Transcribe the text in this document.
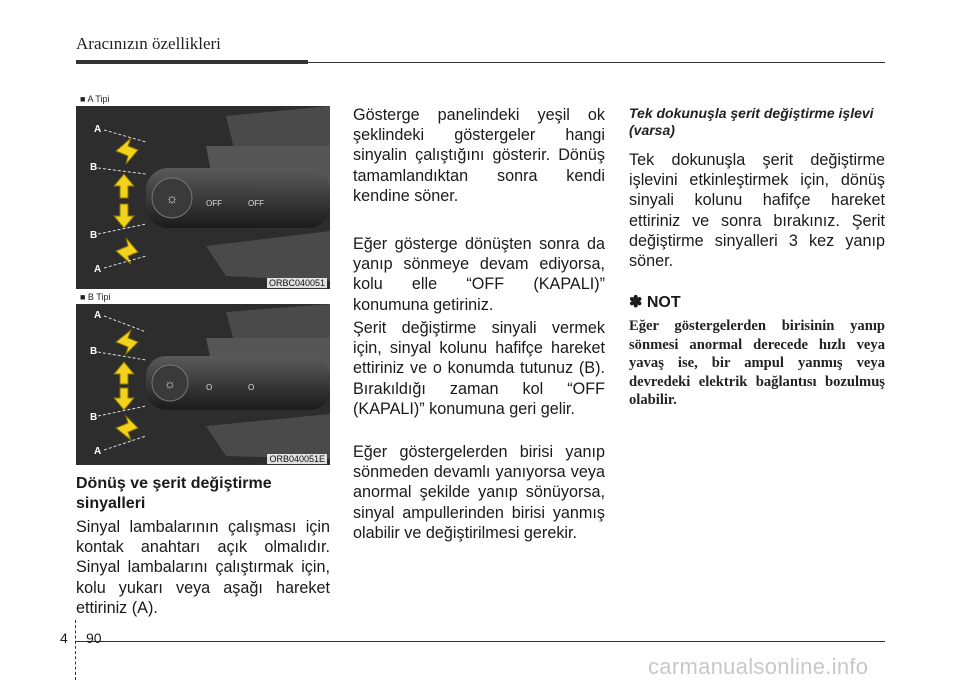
Aracınızın özellikleri
■ A Tipi
☼	OFF	OFF
A
B
B
A
ORBC040051
■ B Tipi
☼	O	O
A
B
B
A
ORB040051E
Dönüş ve şerit değiştirme sinyalleri

Sinyal lambalarının çalışması için kontak anahtarı açık olmalıdır. Sinyal lambalarını çalıştırmak için, kolu yukarı veya aşağı hareket ettiriniz (A).

Gösterge panelindeki yeşil ok şeklindeki göstergeler hangi sinyalin çalıştığını gösterir. Dönüş tamamlandıktan sonra kendi kendine söner.

Eğer gösterge dönüşten sonra da yanıp sönmeye devam ediyorsa, kolu elle “OFF (KAPALI)” konumuna getiriniz.

Şerit değiştirme sinyali vermek için, sinyal kolunu hafifçe hareket ettiriniz ve o konumda tutunuz (B). Bırakıldığı zaman kol “OFF (KAPALI)” konumuna geri gelir.

Eğer göstergelerden birisi yanıp sönmeden devamlı yanıyorsa veya anormal şekilde yanıp sönüyorsa, sinyal ampullerinden birisi yanmış olabilir ve değiştirilmesi gerekir.

Tek dokunuşla şerit değiştirme işlevi (varsa)

Tek dokunuşla şerit değiştirme işlevini etkinleştirmek için, dönüş sinyali kolunu hafifçe hareket ettiriniz ve sonra bırakınız. Şerit değiştirme sinyalleri 3 kez yanıp söner.

✽ NOT
Eğer göstergelerden birisinin yanıp sönmesi anormal derecede hızlı veya yavaş ise, bir ampul yanmış veya devredeki elektrik bağlantısı bozulmuş olabilir.
4 90
carmanualsonline.info
